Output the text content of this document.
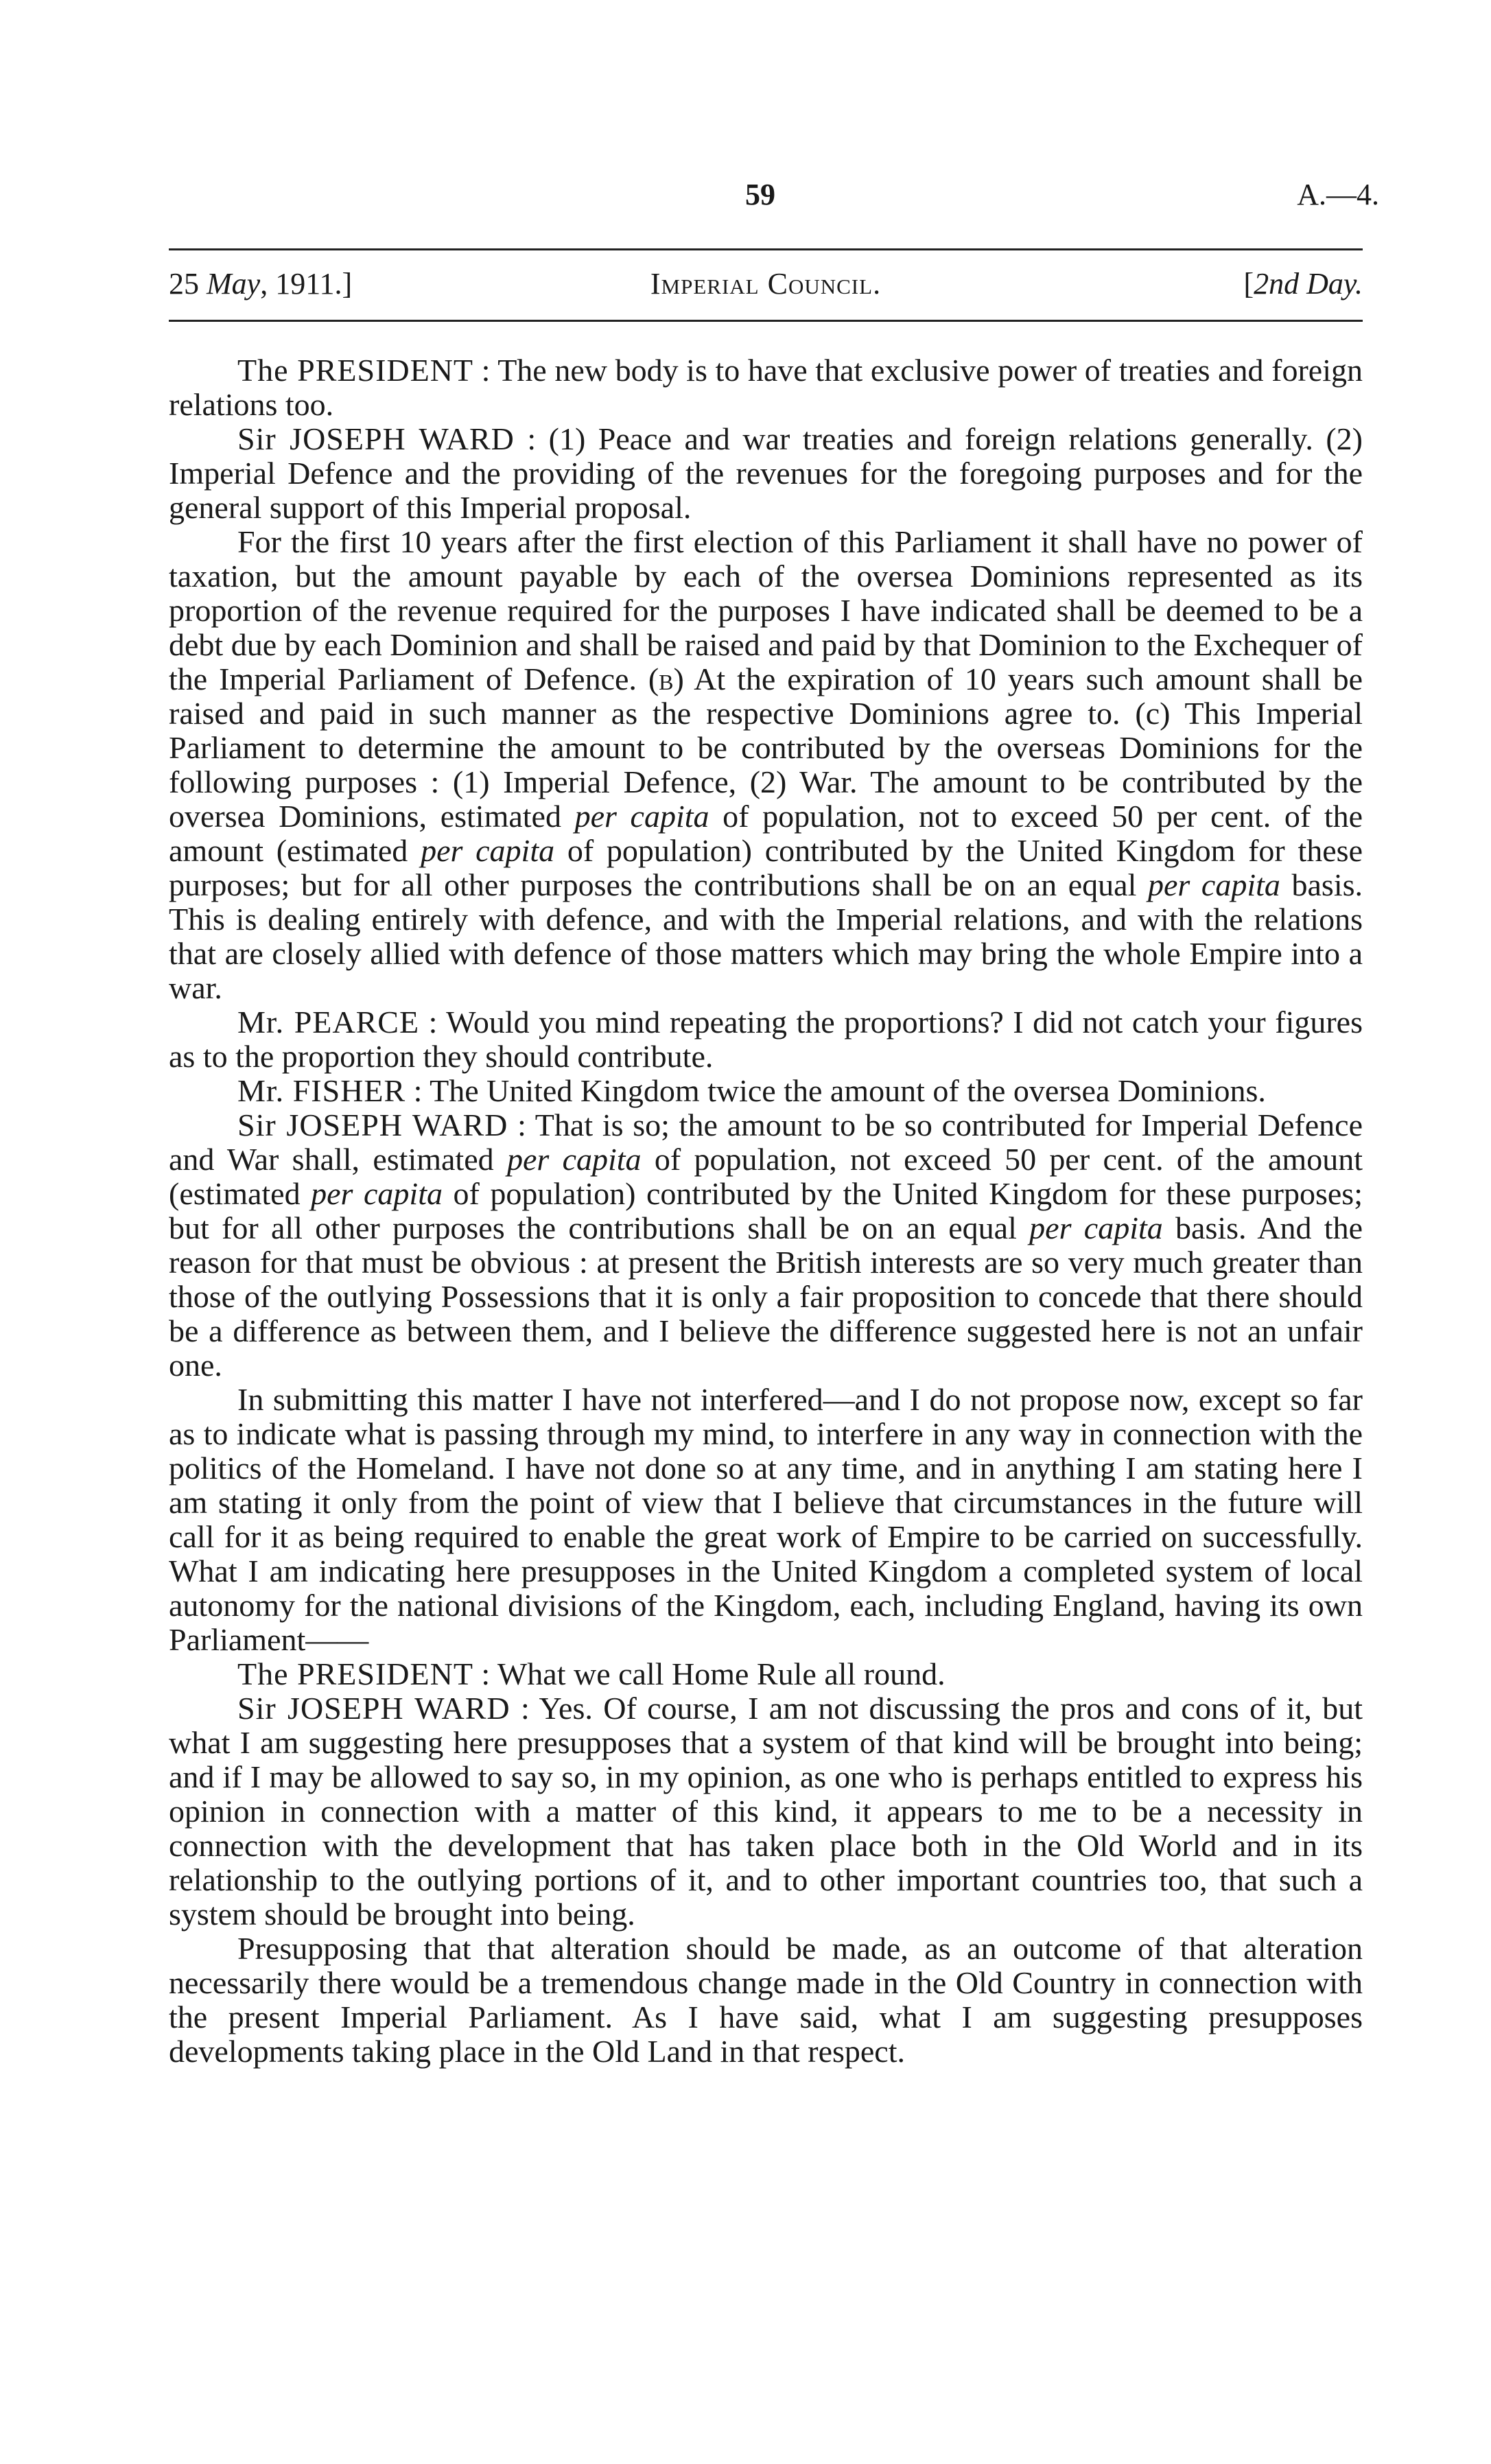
59	A.—4.
25 May, 1911.]	Imperial Council.	[2nd Day.

The PRESIDENT : The new body is to have that exclusive power of treaties and foreign relations too.

Sir JOSEPH WARD : (1) Peace and war treaties and foreign relations generally. (2) Imperial Defence and the providing of the revenues for the foregoing purposes and for the general support of this Imperial proposal.

For the first 10 years after the first election of this Parliament it shall have no power of taxation, but the amount payable by each of the oversea Dominions represented as its proportion of the revenue required for the purposes I have indicated shall be deemed to be a debt due by each Dominion and shall be raised and paid by that Dominion to the Exchequer of the Imperial Parliament of Defence. (b) At the expiration of 10 years such amount shall be raised and paid in such manner as the respective Dominions agree to. (c) This Imperial Parliament to determine the amount to be contributed by the overseas Dominions for the following purposes : (1) Imperial Defence, (2) War. The amount to be contributed by the oversea Dominions, estimated per capita of population, not to exceed 50 per cent. of the amount (estimated per capita of population) contributed by the United Kingdom for these purposes; but for all other purposes the contributions shall be on an equal per capita basis. This is dealing entirely with defence, and with the Imperial relations, and with the relations that are closely allied with defence of those matters which may bring the whole Empire into a war.

Mr. PEARCE : Would you mind repeating the proportions? I did not catch your figures as to the proportion they should contribute.

Mr. FISHER : The United Kingdom twice the amount of the oversea Dominions.

Sir JOSEPH WARD : That is so; the amount to be so contributed for Imperial Defence and War shall, estimated per capita of population, not exceed 50 per cent. of the amount (estimated per capita of population) contributed by the United Kingdom for these purposes; but for all other purposes the contributions shall be on an equal per capita basis. And the reason for that must be obvious : at present the British interests are so very much greater than those of the outlying Possessions that it is only a fair proposition to concede that there should be a difference as between them, and I believe the difference suggested here is not an unfair one.

In submitting this matter I have not interfered—and I do not propose now, except so far as to indicate what is passing through my mind, to interfere in any way in connection with the politics of the Homeland. I have not done so at any time, and in anything I am stating here I am stating it only from the point of view that I believe that circumstances in the future will call for it as being required to enable the great work of Empire to be carried on successfully. What I am indicating here presupposes in the United Kingdom a completed system of local autonomy for the national divisions of the Kingdom, each, including England, having its own Parliament——

The PRESIDENT : What we call Home Rule all round.

Sir JOSEPH WARD : Yes. Of course, I am not discussing the pros and cons of it, but what I am suggesting here presupposes that a system of that kind will be brought into being; and if I may be allowed to say so, in my opinion, as one who is perhaps entitled to express his opinion in connection with a matter of this kind, it appears to me to be a necessity in connection with the development that has taken place both in the Old World and in its relationship to the outlying portions of it, and to other important countries too, that such a system should be brought into being.

Presupposing that that alteration should be made, as an outcome of that alteration necessarily there would be a tremendous change made in the Old Country in connection with the present Imperial Parliament. As I have said, what I am suggesting presupposes developments taking place in the Old Land in that respect.
